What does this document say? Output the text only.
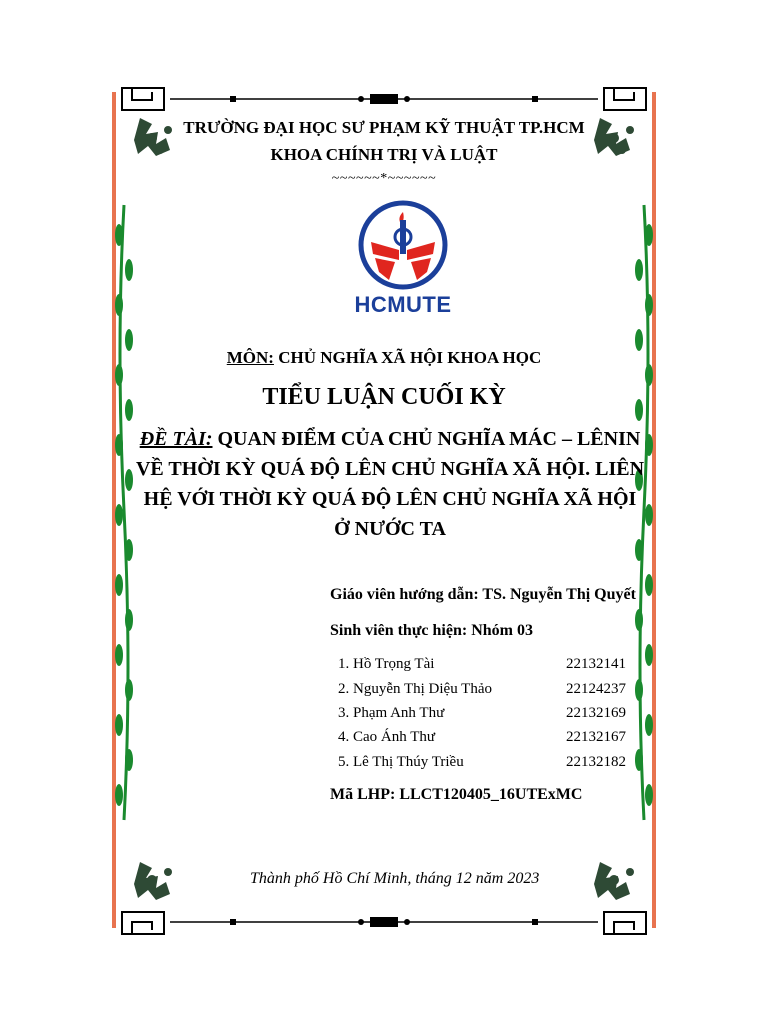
TRƯỜNG ĐẠI HỌC SƯ PHẠM KỸ THUẬT TP.HCM
KHOA CHÍNH TRỊ VÀ LUẬT
~~~~~~*~~~~~~
HCMUTE
MÔN: CHỦ NGHĨA XÃ HỘI KHOA HỌC
TIỂU LUẬN CUỐI KỲ
ĐỀ TÀI: QUAN ĐIỂM CỦA CHỦ NGHĨA MÁC – LÊNIN
VỀ THỜI KỲ QUÁ ĐỘ LÊN CHỦ NGHĨA XÃ HỘI. LIÊN
HỆ VỚI THỜI KỲ QUÁ ĐỘ LÊN CHỦ NGHĨA XÃ HỘI
Ở NƯỚC TA
Giáo viên hướng dẫn: TS. Nguyễn Thị Quyết
Sinh viên thực hiện: Nhóm 03
1. Hồ Trọng Tài	22132141
2. Nguyễn Thị Diệu Thảo	22124237
3. Phạm Anh Thư	22132169
4. Cao Ánh Thư	22132167
5. Lê Thị Thúy Triều	22132182
Mã LHP: LLCT120405_16UTExMC
Thành phố Hồ Chí Minh, tháng 12 năm 2023
